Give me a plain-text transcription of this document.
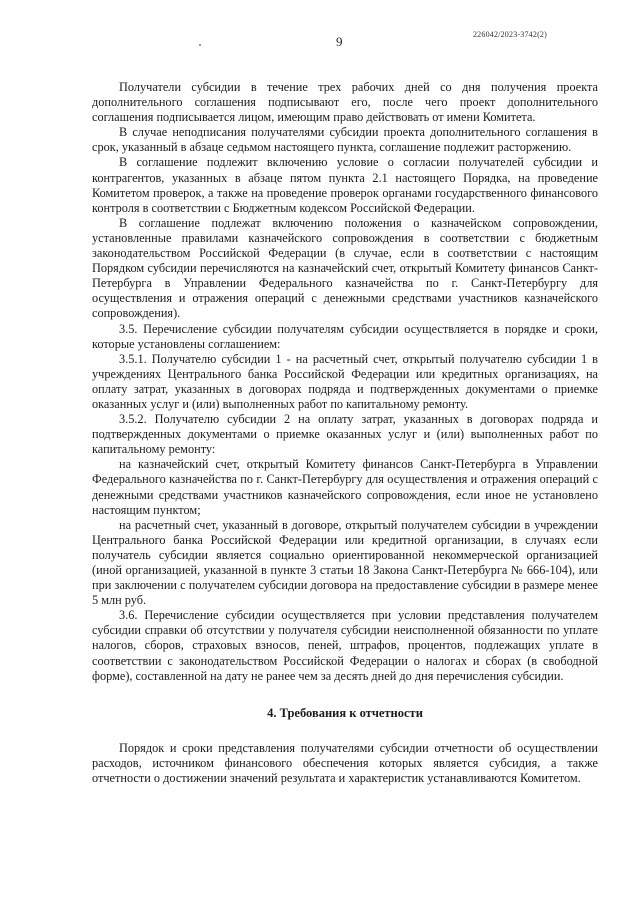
9	226042/2023-3742(2)

Получатели субсидии в течение трех рабочих дней со дня получения проекта дополнительного соглашения подписывают его, после чего проект дополнительного соглашения подписывается лицом, имеющим право действовать от имени Комитета.

В случае неподписания получателями субсидии проекта дополнительного соглашения в срок, указанный в абзаце седьмом настоящего пункта, соглашение подлежит расторжению.

В соглашение подлежит включению условие о согласии получателей субсидии и контрагентов, указанных в абзаце пятом пункта 2.1 настоящего Порядка, на проведение Комитетом проверок, а также на проведение проверок органами государственного финансового контроля в соответствии с Бюджетным кодексом Российской Федерации.

В соглашение подлежат включению положения о казначейском сопровождении, установленные правилами казначейского сопровождения в соответствии с бюджетным законодательством Российской Федерации (в случае, если в соответствии с настоящим Порядком субсидии перечисляются на казначейский счет, открытый Комитету финансов Санкт-Петербурга в Управлении Федерального казначейства по г. Санкт-Петербургу для осуществления и отражения операций с денежными средствами участников казначейского сопровождения).

3.5. Перечисление субсидии получателям субсидии осуществляется в порядке и сроки, которые установлены соглашением:

3.5.1. Получателю субсидии 1 - на расчетный счет, открытый получателю субсидии 1 в учреждениях Центрального банка Российской Федерации или кредитных организациях, на оплату затрат, указанных в договорах подряда и подтвержденных документами о приемке оказанных услуг и (или) выполненных работ по капитальному ремонту.

3.5.2. Получателю субсидии 2 на оплату затрат, указанных в договорах подряда и подтвержденных документами о приемке оказанных услуг и (или) выполненных работ по капитальному ремонту:

на казначейский счет, открытый Комитету финансов Санкт-Петербурга в Управлении Федерального казначейства по г. Санкт-Петербургу для осуществления и отражения операций с денежными средствами участников казначейского сопровождения, если иное не установлено настоящим пунктом;

на расчетный счет, указанный в договоре, открытый получателем субсидии в учреждении Центрального банка Российской Федерации или кредитной организации, в случаях если получатель субсидии является социально ориентированной некоммерческой организацией (иной организацией, указанной в пункте 3 статьи 18 Закона Санкт-Петербурга № 666-104), или при заключении с получателем субсидии договора на предоставление субсидии в размере менее 5 млн руб.

3.6. Перечисление субсидии осуществляется при условии представления получателем субсидии справки об отсутствии у получателя субсидии неисполненной обязанности по уплате налогов, сборов, страховых взносов, пеней, штрафов, процентов, подлежащих уплате в соответствии с законодательством Российской Федерации о налогах и сборах (в свободной форме), составленной на дату не ранее чем за десять дней до дня перечисления субсидии.

4. Требования к отчетности

Порядок и сроки представления получателями субсидии отчетности об осуществлении расходов, источником финансового обеспечения которых является субсидия, а также отчетности о достижении значений результата и характеристик устанавливаются Комитетом.
